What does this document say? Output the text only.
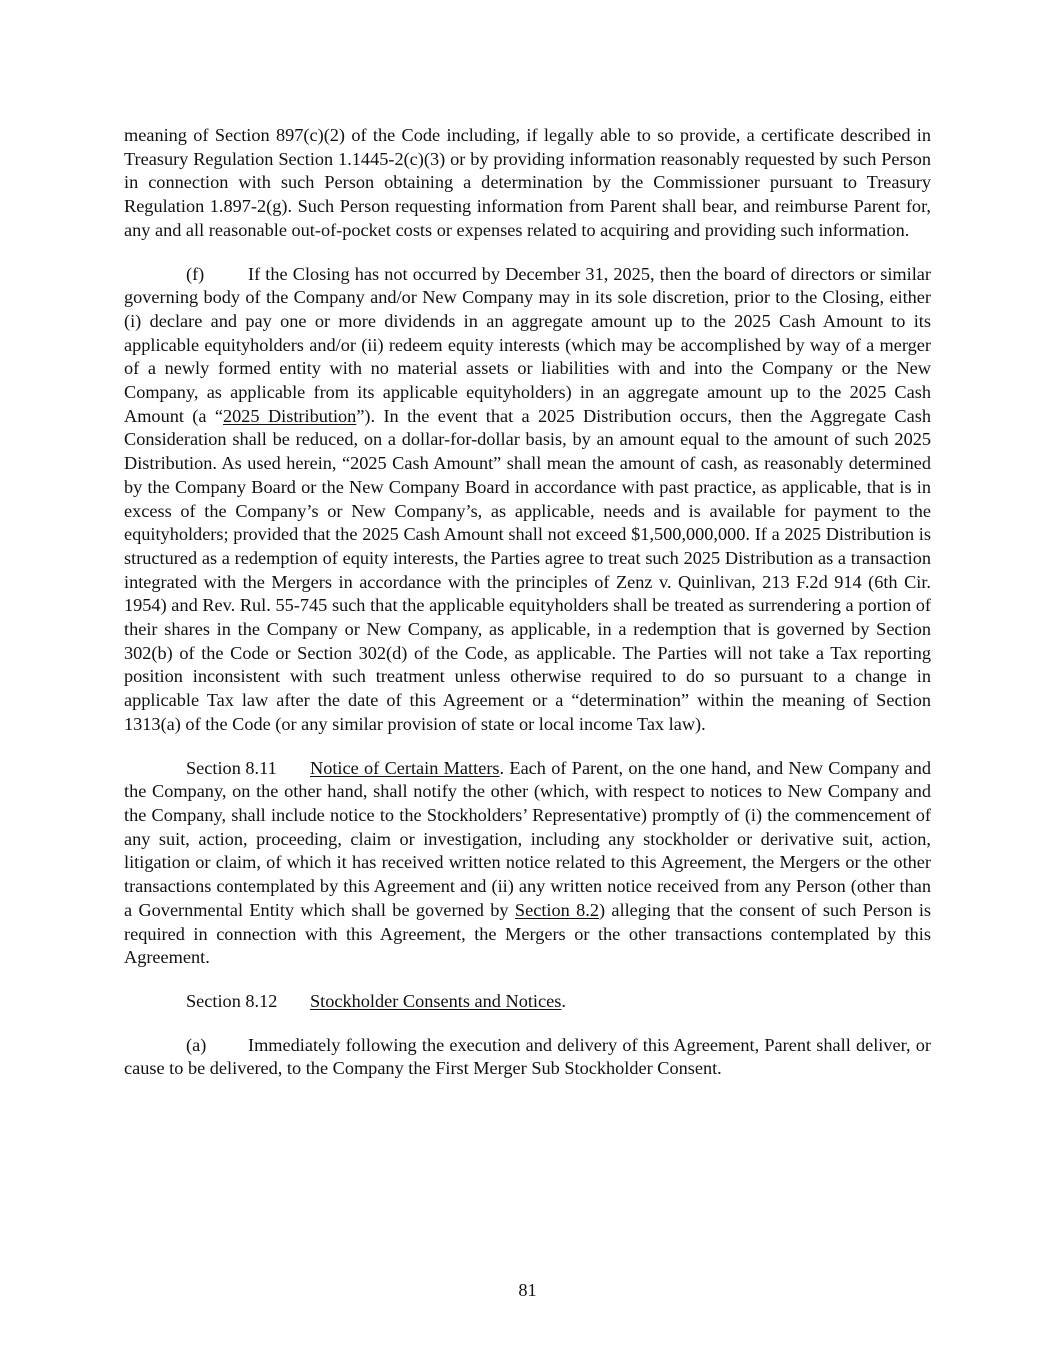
meaning of Section 897(c)(2) of the Code including, if legally able to so provide, a certificate described in Treasury Regulation Section 1.1445-2(c)(3) or by providing information reasonably requested by such Person in connection with such Person obtaining a determination by the Commissioner pursuant to Treasury Regulation 1.897-2(g). Such Person requesting information from Parent shall bear, and reimburse Parent for, any and all reasonable out-of-pocket costs or expenses related to acquiring and providing such information.

(f) If the Closing has not occurred by December 31, 2025, then the board of directors or similar governing body of the Company and/or New Company may in its sole discretion, prior to the Closing, either (i) declare and pay one or more dividends in an aggregate amount up to the 2025 Cash Amount to its applicable equityholders and/or (ii) redeem equity interests (which may be accomplished by way of a merger of a newly formed entity with no material assets or liabilities with and into the Company or the New Company, as applicable from its applicable equityholders) in an aggregate amount up to the 2025 Cash Amount (a “2025 Distribution”). In the event that a 2025 Distribution occurs, then the Aggregate Cash Consideration shall be reduced, on a dollar-for-dollar basis, by an amount equal to the amount of such 2025 Distribution. As used herein, “2025 Cash Amount” shall mean the amount of cash, as reasonably determined by the Company Board or the New Company Board in accordance with past practice, as applicable, that is in excess of the Company’s or New Company’s, as applicable, needs and is available for payment to the equityholders; provided that the 2025 Cash Amount shall not exceed $1,500,000,000. If a 2025 Distribution is structured as a redemption of equity interests, the Parties agree to treat such 2025 Distribution as a transaction integrated with the Mergers in accordance with the principles of Zenz v. Quinlivan, 213 F.2d 914 (6th Cir. 1954) and Rev. Rul. 55-745 such that the applicable equityholders shall be treated as surrendering a portion of their shares in the Company or New Company, as applicable, in a redemption that is governed by Section 302(b) of the Code or Section 302(d) of the Code, as applicable. The Parties will not take a Tax reporting position inconsistent with such treatment unless otherwise required to do so pursuant to a change in applicable Tax law after the date of this Agreement or a “determination” within the meaning of Section 1313(a) of the Code (or any similar provision of state or local income Tax law).

Section 8.11 Notice of Certain Matters. Each of Parent, on the one hand, and New Company and the Company, on the other hand, shall notify the other (which, with respect to notices to New Company and the Company, shall include notice to the Stockholders’ Representative) promptly of (i) the commencement of any suit, action, proceeding, claim or investigation, including any stockholder or derivative suit, action, litigation or claim, of which it has received written notice related to this Agreement, the Mergers or the other transactions contemplated by this Agreement and (ii) any written notice received from any Person (other than a Governmental Entity which shall be governed by Section 8.2) alleging that the consent of such Person is required in connection with this Agreement, the Mergers or the other transactions contemplated by this Agreement.

Section 8.12 Stockholder Consents and Notices.

(a) Immediately following the execution and delivery of this Agreement, Parent shall deliver, or cause to be delivered, to the Company the First Merger Sub Stockholder Consent.

81
